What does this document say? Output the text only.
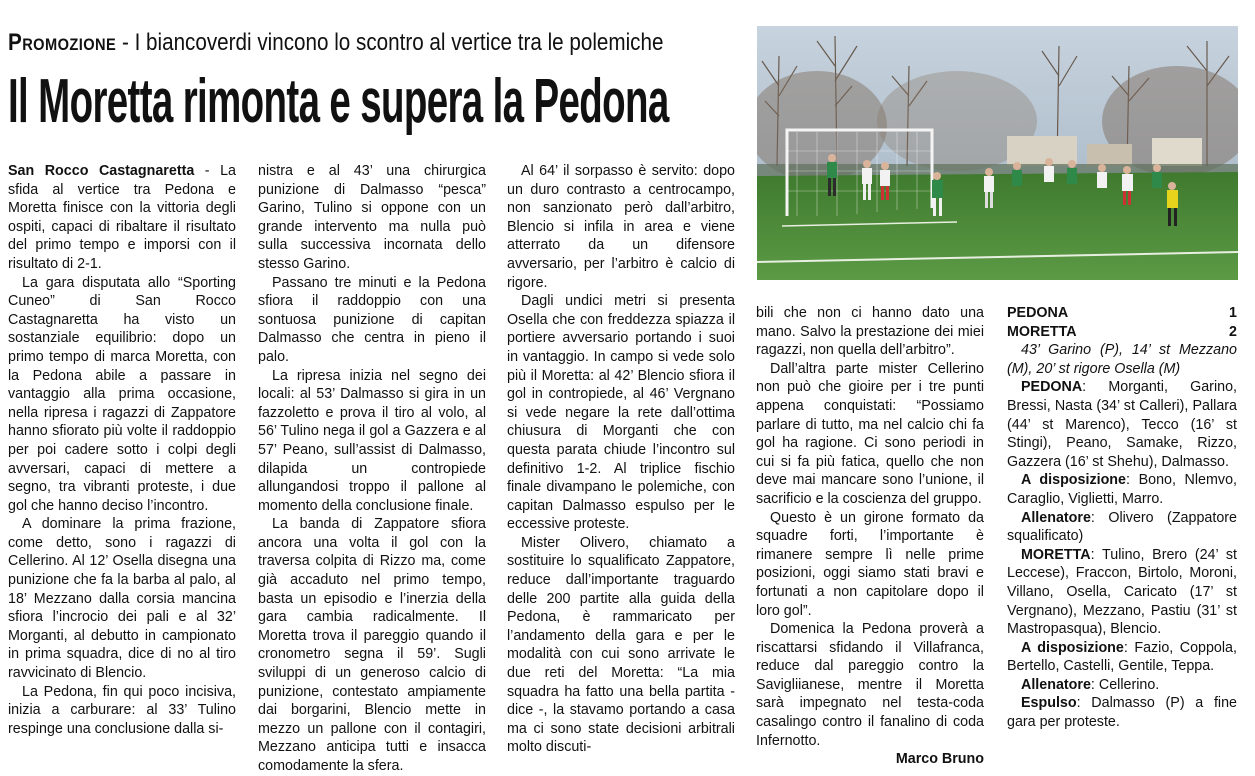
Promozione - I biancoverdi vincono lo scontro al vertice tra le polemiche
Il Moretta rimonta e supera la Pedona

San Rocco Castagnaretta - La sfida al vertice tra Pedona e Moretta finisce con la vittoria degli ospiti, capaci di ribaltare il risultato del primo tempo e imporsi con il risultato di 2-1.

La gara disputata allo “Sporting Cuneo” di San Rocco Castagnaretta ha visto un sostanziale equilibrio: dopo un primo tempo di marca Moretta, con la Pedona abile a passare in vantaggio alla prima occasione, nella ripresa i ragazzi di Zappatore hanno sfiorato più volte il raddoppio per poi cadere sotto i colpi degli avversari, capaci di mettere a segno, tra vibranti proteste, i due gol che hanno deciso l’incontro.

A dominare la prima frazione, come detto, sono i ragazzi di Cellerino. Al 12’ Osella disegna una punizione che fa la barba al palo, al 18’ Mezzano dalla corsia mancina sfiora l’incrocio dei pali e al 32’ Morganti, al debutto in campionato in prima squadra, dice di no al tiro ravvicinato di Blencio.

La Pedona, fin qui poco incisiva, inizia a carburare: al 33’ Tulino respinge una conclusione dalla si-

nistra e al 43’ una chirurgica punizione di Dalmasso “pesca” Garino, Tulino si oppone con un grande intervento ma nulla può sulla successiva incornata dello stesso Garino.

Passano tre minuti e la Pedona sfiora il raddoppio con una sontuosa punizione di capitan Dalmasso che centra in pieno il palo.

La ripresa inizia nel segno dei locali: al 53’ Dalmasso si gira in un fazzoletto e prova il tiro al volo, al 56’ Tulino nega il gol a Gazzera e al 57’ Peano, sull’assist di Dalmasso, dilapida un contropiede allungandosi troppo il pallone al momento della conclusione finale.

La banda di Zappatore sfiora ancora una volta il gol con la traversa colpita di Rizzo ma, come già accaduto nel primo tempo, basta un episodio e l’inerzia della gara cambia radicalmente. Il Moretta trova il pareggio quando il cronometro segna il 59’. Sugli sviluppi di un generoso calcio di punizione, contestato ampiamente dai borgarini, Blencio mette in mezzo un pallone con il contagiri, Mezzano anticipa tutti e insacca comodamente la sfera.

Al 64’ il sorpasso è servito: dopo un duro contrasto a centrocampo, non sanzionato però dall’arbitro, Blencio si infila in area e viene atterrato da un difensore avversario, per l’arbitro è calcio di rigore.

Dagli undici metri si presenta Osella che con freddezza spiazza il portiere avversario portando i suoi in vantaggio. In campo si vede solo più il Moretta: al 42’ Blencio sfiora il gol in contropiede, al 46’ Vergnano si vede negare la rete dall’ottima chiusura di Morganti che con questa parata chiude l’incontro sul definitivo 1-2. Al triplice fischio finale divampano le polemiche, con capitan Dalmasso espulso per le eccessive proteste.

Mister Olivero, chiamato a sostituire lo squalificato Zappatore, reduce dall’importante traguardo delle 200 partite alla guida della Pedona, è rammaricato per l’andamento della gara e per le modalità con cui sono arrivate le due reti del Moretta: “La mia squadra ha fatto una bella partita - dice -, la stavamo portando a casa ma ci sono state decisioni arbitrali molto discuti-

bili che non ci hanno dato una mano. Salvo la prestazione dei miei ragazzi, non quella dell’arbitro”.

Dall’altra parte mister Cellerino non può che gioire per i tre punti appena conquistati: “Possiamo parlare di tutto, ma nel calcio chi fa gol ha ragione. Ci sono periodi in cui si fa più fatica, quello che non deve mai mancare sono l’unione, il sacrificio e la coscienza del gruppo.

Questo è un girone formato da squadre forti, l’importante è rimanere sempre lì nelle prime posizioni, oggi siamo stati bravi e fortunati a non capitolare dopo il loro gol”.

Domenica la Pedona proverà a riscattarsi sfidando il Villafranca, reduce dal pareggio contro la Savigliianese, mentre il Moretta sarà impegnato nel testa-coda casalingo contro il fanalino di coda Infernotto.

Marco Bruno

PEDONA	1
MORETTA	2

43’ Garino (P), 14’ st Mezzano (M), 20’ st rigore Osella (M)

PEDONA: Morganti, Garino, Bressi, Nasta (34’ st Calleri), Pallara (44’ st Marenco), Tecco (16’ st Stingi), Peano, Samake, Rizzo, Gazzera (16’ st Shehu), Dalmasso.

A disposizione: Bono, Nlemvo, Caraglio, Viglietti, Marro.

Allenatore: Olivero (Zappatore squalificato)

MORETTA: Tulino, Brero (24’ st Leccese), Fraccon, Birtolo, Moroni, Villano, Osella, Caricato (17’ st Vergnano), Mezzano, Pastiu (31’ st Mastropasqua), Blencio.

A disposizione: Fazio, Coppola, Bertello, Castelli, Gentile, Teppa.

Allenatore: Cellerino.

Espulso: Dalmasso (P) a fine gara per proteste.
